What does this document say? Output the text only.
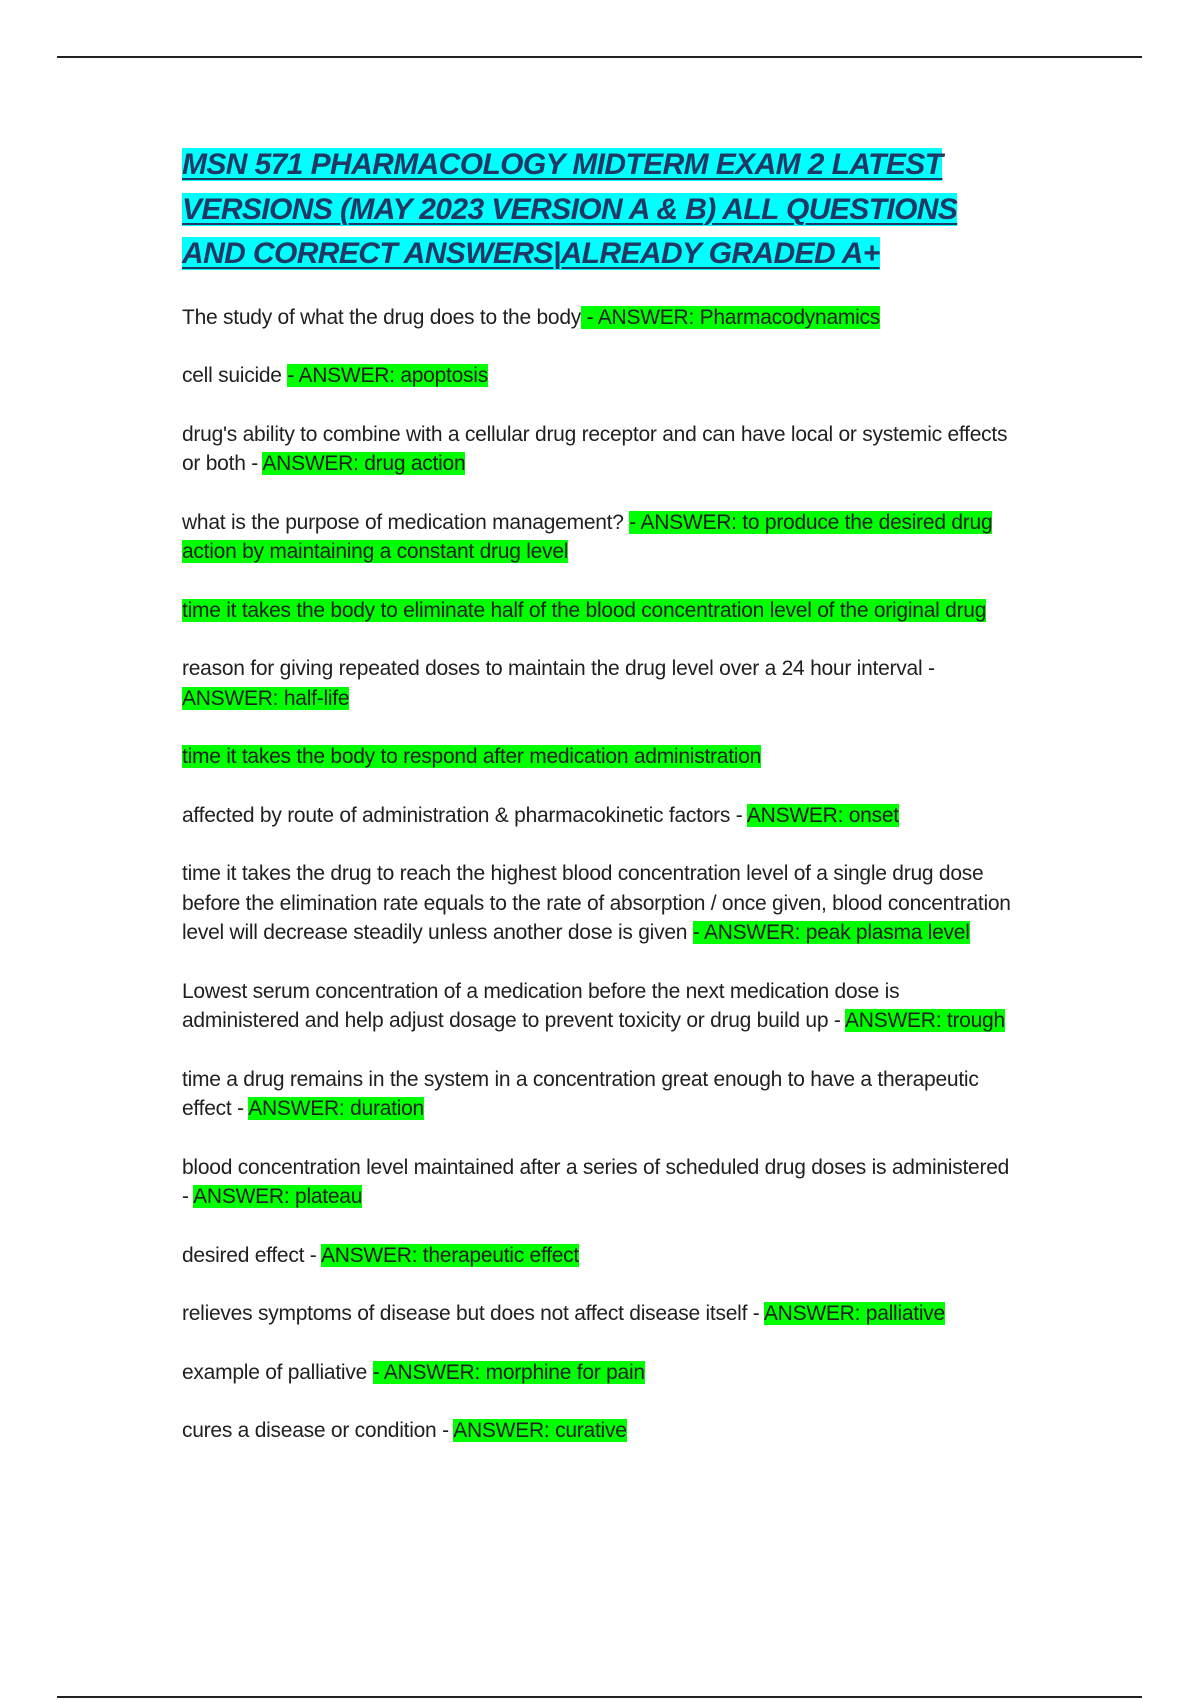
MSN 571 PHARMACOLOGY MIDTERM EXAM 2 LATEST VERSIONS (MAY 2023 VERSION A & B) ALL QUESTIONS AND CORRECT ANSWERS|ALREADY GRADED A+

The study of what the drug does to the body - ANSWER: Pharmacodynamics

cell suicide - ANSWER: apoptosis

drug's ability to combine with a cellular drug receptor and can have local or systemic effects or both - ANSWER: drug action

what is the purpose of medication management? - ANSWER: to produce the desired drug action by maintaining a constant drug level

time it takes the body to eliminate half of the blood concentration level of the original drug

reason for giving repeated doses to maintain the drug level over a 24 hour interval - ANSWER: half-life

time it takes the body to respond after medication administration

affected by route of administration & pharmacokinetic factors - ANSWER: onset

time it takes the drug to reach the highest blood concentration level of a single drug dose before the elimination rate equals to the rate of absorption / once given, blood concentration level will decrease steadily unless another dose is given - ANSWER: peak plasma level

Lowest serum concentration of a medication before the next medication dose is administered and help adjust dosage to prevent toxicity or drug build up - ANSWER: trough

time a drug remains in the system in a concentration great enough to have a therapeutic effect - ANSWER: duration

blood concentration level maintained after a series of scheduled drug doses is administered - ANSWER: plateau

desired effect - ANSWER: therapeutic effect

relieves symptoms of disease but does not affect disease itself - ANSWER: palliative

example of palliative - ANSWER: morphine for pain

cures a disease or condition - ANSWER: curative
